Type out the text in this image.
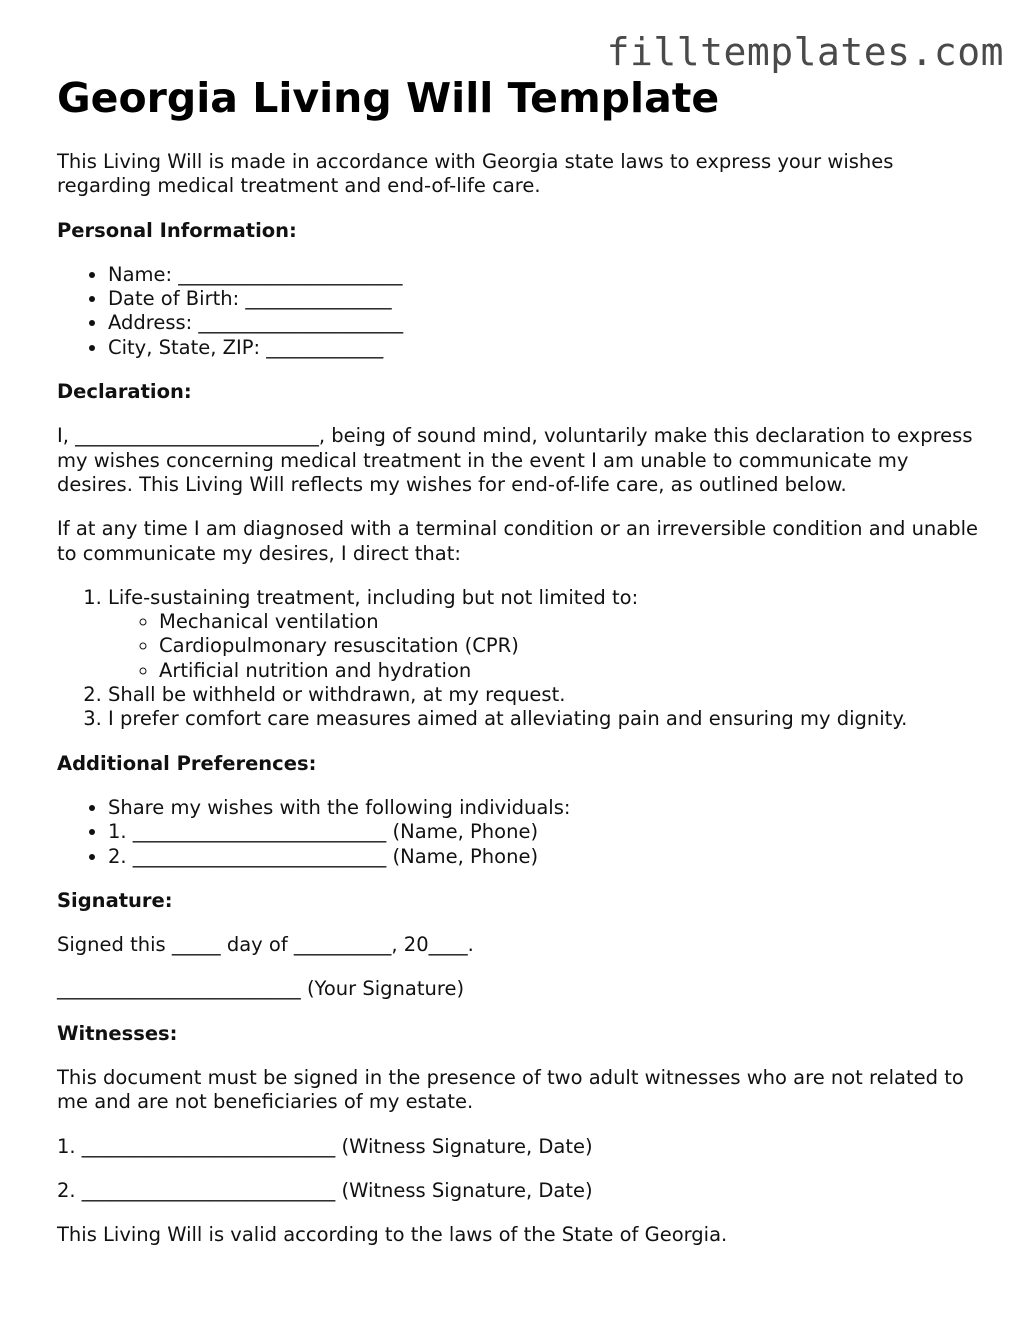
filltemplates.com
Georgia Living Will Template

This Living Will is made in accordance with Georgia state laws to express your wishes regarding medical treatment and end-of-life care.

Personal Information:

• Name: _______________________
• Date of Birth: _______________
• Address: _____________________
• City, State, ZIP: ____________

Declaration:

I, _________________________, being of sound mind, voluntarily make this declaration to express my wishes concerning medical treatment in the event I am unable to communicate my desires. This Living Will reflects my wishes for end-of-life care, as outlined below.

If at any time I am diagnosed with a terminal condition or an irreversible condition and unable to communicate my desires, I direct that:

1. Life-sustaining treatment, including but not limited to:
◦ Mechanical ventilation
◦ Cardiopulmonary resuscitation (CPR)
◦ Artificial nutrition and hydration
2. Shall be withheld or withdrawn, at my request.
3. I prefer comfort care measures aimed at alleviating pain and ensuring my dignity.

Additional Preferences:

• Share my wishes with the following individuals:
• 1. __________________________ (Name, Phone)
• 2. __________________________ (Name, Phone)

Signature:

Signed this _____ day of __________, 20____.

_________________________ (Your Signature)

Witnesses:

This document must be signed in the presence of two adult witnesses who are not related to me and are not beneficiaries of my estate.

1. __________________________ (Witness Signature, Date)

2. __________________________ (Witness Signature, Date)

This Living Will is valid according to the laws of the State of Georgia.
